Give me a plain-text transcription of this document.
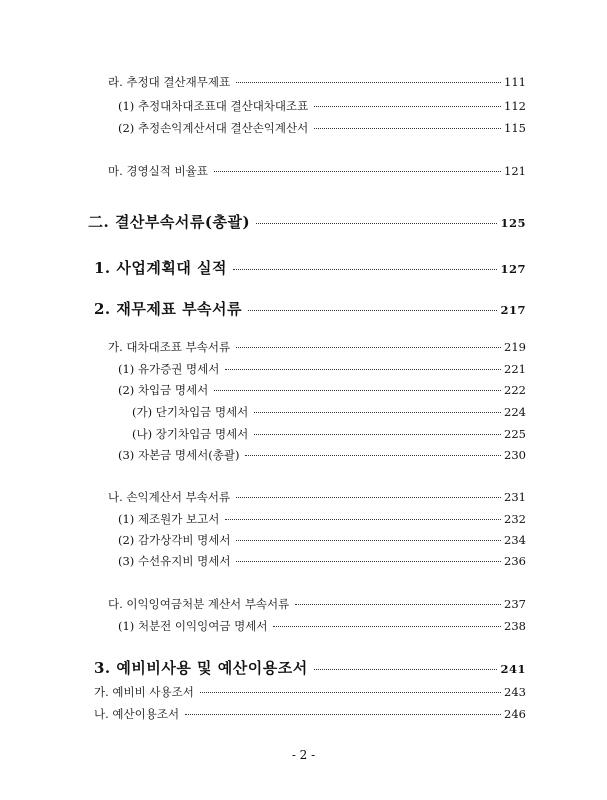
라. 추정대 결산재무제표	111
(1) 추정대차대조표대 결산대차대조표	112
(2) 추정손익계산서대 결산손익계산서	115
마. 경영실적 비율표	121
二. 결산부속서류(총괄)	125
1. 사업계획대 실적	127
2. 재무제표 부속서류	217
가. 대차대조표 부속서류	219
(1) 유가증권 명세서	221
(2) 차입금 명세서	222
(가) 단기차입금 명세서	224
(나) 장기차입금 명세서	225
(3) 자본금 명세서(총괄)	230
나. 손익계산서 부속서류	231
(1) 제조원가 보고서	232
(2) 감가상각비 명세서	234
(3) 수선유지비 명세서	236
다. 이익잉여금처분 계산서 부속서류	237
(1) 처분전 이익잉여금 명세서	238
3. 예비비사용 및 예산이용조서	241
가. 예비비 사용조서	243
나. 예산이용조서	246
- 2 -
